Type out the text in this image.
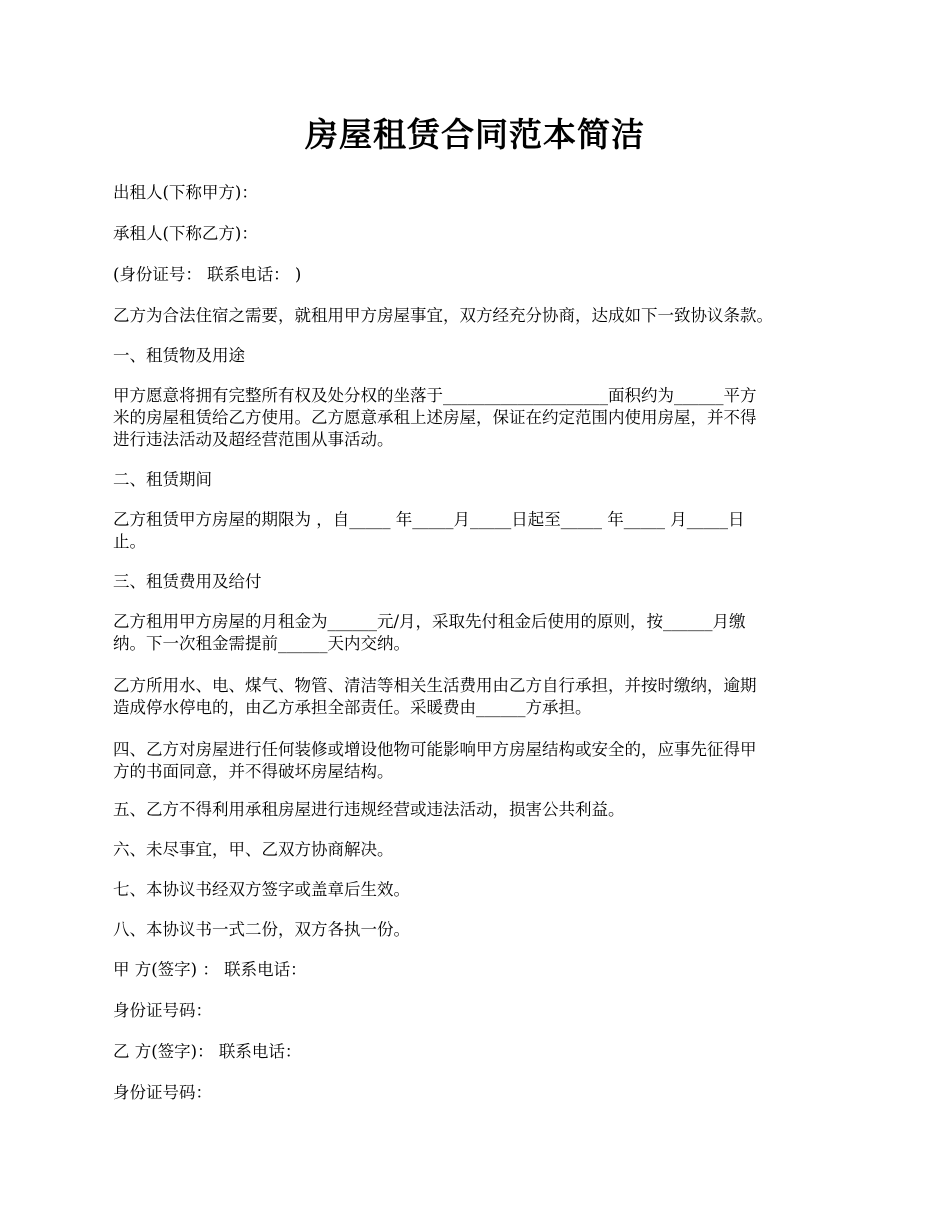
房屋租赁合同范本简洁
出租人(下称甲方)：
承租人(下称乙方)：
(身份证号： 联系电话： )
乙方为合法住宿之需要，就租用甲方房屋事宜，双方经充分协商，达成如下一致协议条款。
一、租赁物及用途
甲方愿意将拥有完整所有权及处分权的坐落于____________________面积约为______平方
米的房屋租赁给乙方使用。乙方愿意承租上述房屋，保证在约定范围内使用房屋，并不得
进行违法活动及超经营范围从事活动。
二、租赁期间
乙方租赁甲方房屋的期限为 ，自_____ 年_____月_____日起至_____ 年_____ 月_____日
止。
三、租赁费用及给付
乙方租用甲方房屋的月租金为______元/月，采取先付租金后使用的原则，按______月缴
纳。下一次租金需提前______天内交纳。
乙方所用水、电、煤气、物管、清洁等相关生活费用由乙方自行承担，并按时缴纳，逾期
造成停水停电的，由乙方承担全部责任。采暖费由______方承担。
四、乙方对房屋进行任何装修或增设他物可能影响甲方房屋结构或安全的，应事先征得甲
方的书面同意，并不得破坏房屋结构。
五、乙方不得利用承租房屋进行违规经营或违法活动，损害公共利益。
六、未尽事宜，甲、乙双方协商解决。
七、本协议书经双方签字或盖章后生效。
八、本协议书一式二份，双方各执一份。
甲 方(签字) ： 联系电话：
身份证号码：
乙 方(签字)： 联系电话：
身份证号码：
